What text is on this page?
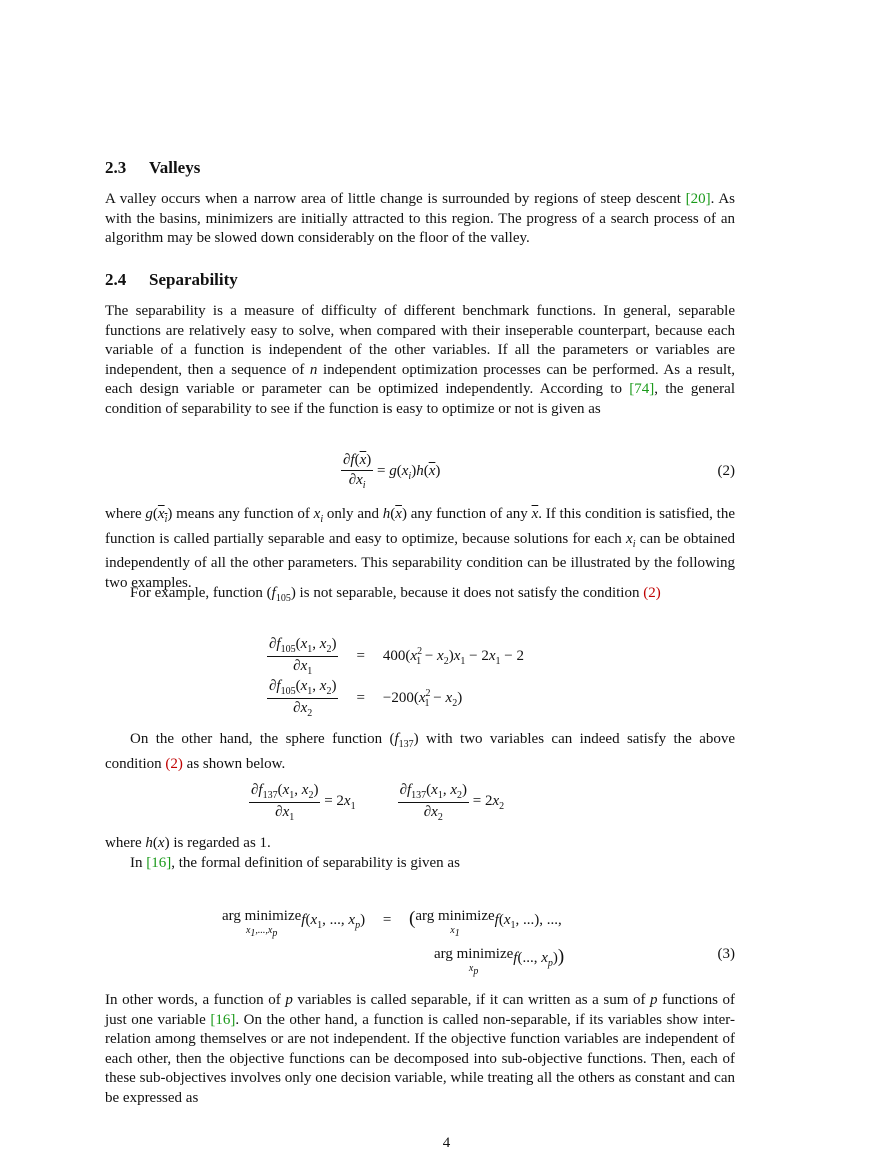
2.3 Valleys
A valley occurs when a narrow area of little change is surrounded by regions of steep descent [20]. As with the basins, minimizers are initially attracted to this region. The progress of a search process of an algorithm may be slowed down considerably on the floor of the valley.
2.4 Separability
The separability is a measure of difficulty of different benchmark functions. In general, separable functions are relatively easy to solve, when compared with their inseperable counterpart, because each variable of a function is independent of the other variables. If all the parameters or variables are independent, then a sequence of n independent optimization processes can be performed. As a result, each design variable or parameter can be optimized independently. According to [74], the general condition of separability to see if the function is easy to optimize or not is given as
$\frac{\partial f(\overline{x})}{\partial x_i} = g(x_i)h(\overline{x})$	(2)
where $g(x_i)$ means any function of $x_i$ only and $h(\overline{x})$ any function of any $\overline{x}$. If this condition is satisfied, the function is called partially separable and easy to optimize, because solutions for each $x_i$ can be obtained independently of all the other parameters. This separability condition can be illustrated by the following two examples.
For example, function $(f_{105})$ is not separable, because it does not satisfy the condition (2)
$\frac{\partial f_{105}(x_1, x_2)}{\partial x_1} = 400(x^2_1 - x_2)x_1 - 2x_1 - 2$
$\frac{\partial f_{105}(x_1, x_2)}{\partial x_2} = -200(x^2_1 - x_2)$
On the other hand, the sphere function $(f_{137})$ with two variables can indeed satisfy the above condition (2) as shown below.
$\frac{\partial f_{137}(x_1, x_2)}{\partial x_1} = 2x_1$	$\frac{\partial f_{137}(x_1, x_2)}{\partial x_2} = 2x_2$
where h(x) is regarded as 1.
In [16], the formal definition of separability is given as
arg minimize
$x_1,...,x_p$
$f(x_1$, ..., $x_p$) = ( arg minimize
$x_1$
$f(x_1$, ...), ...,
arg minimize
$x_p$
f(..., $x_p$))	(3)
In other words, a function of p variables is called separable, if it can written as a sum of p functions of just one variable [16]. On the other hand, a function is called non-separable, if its variables show inter-relation among themselves or are not independent. If the objective function variables are independent of each other, then the objective functions can be decomposed into sub-objective functions. Then, each of these sub-objectives involves only one decision variable, while treating all the others as constant and can be expressed as
4
